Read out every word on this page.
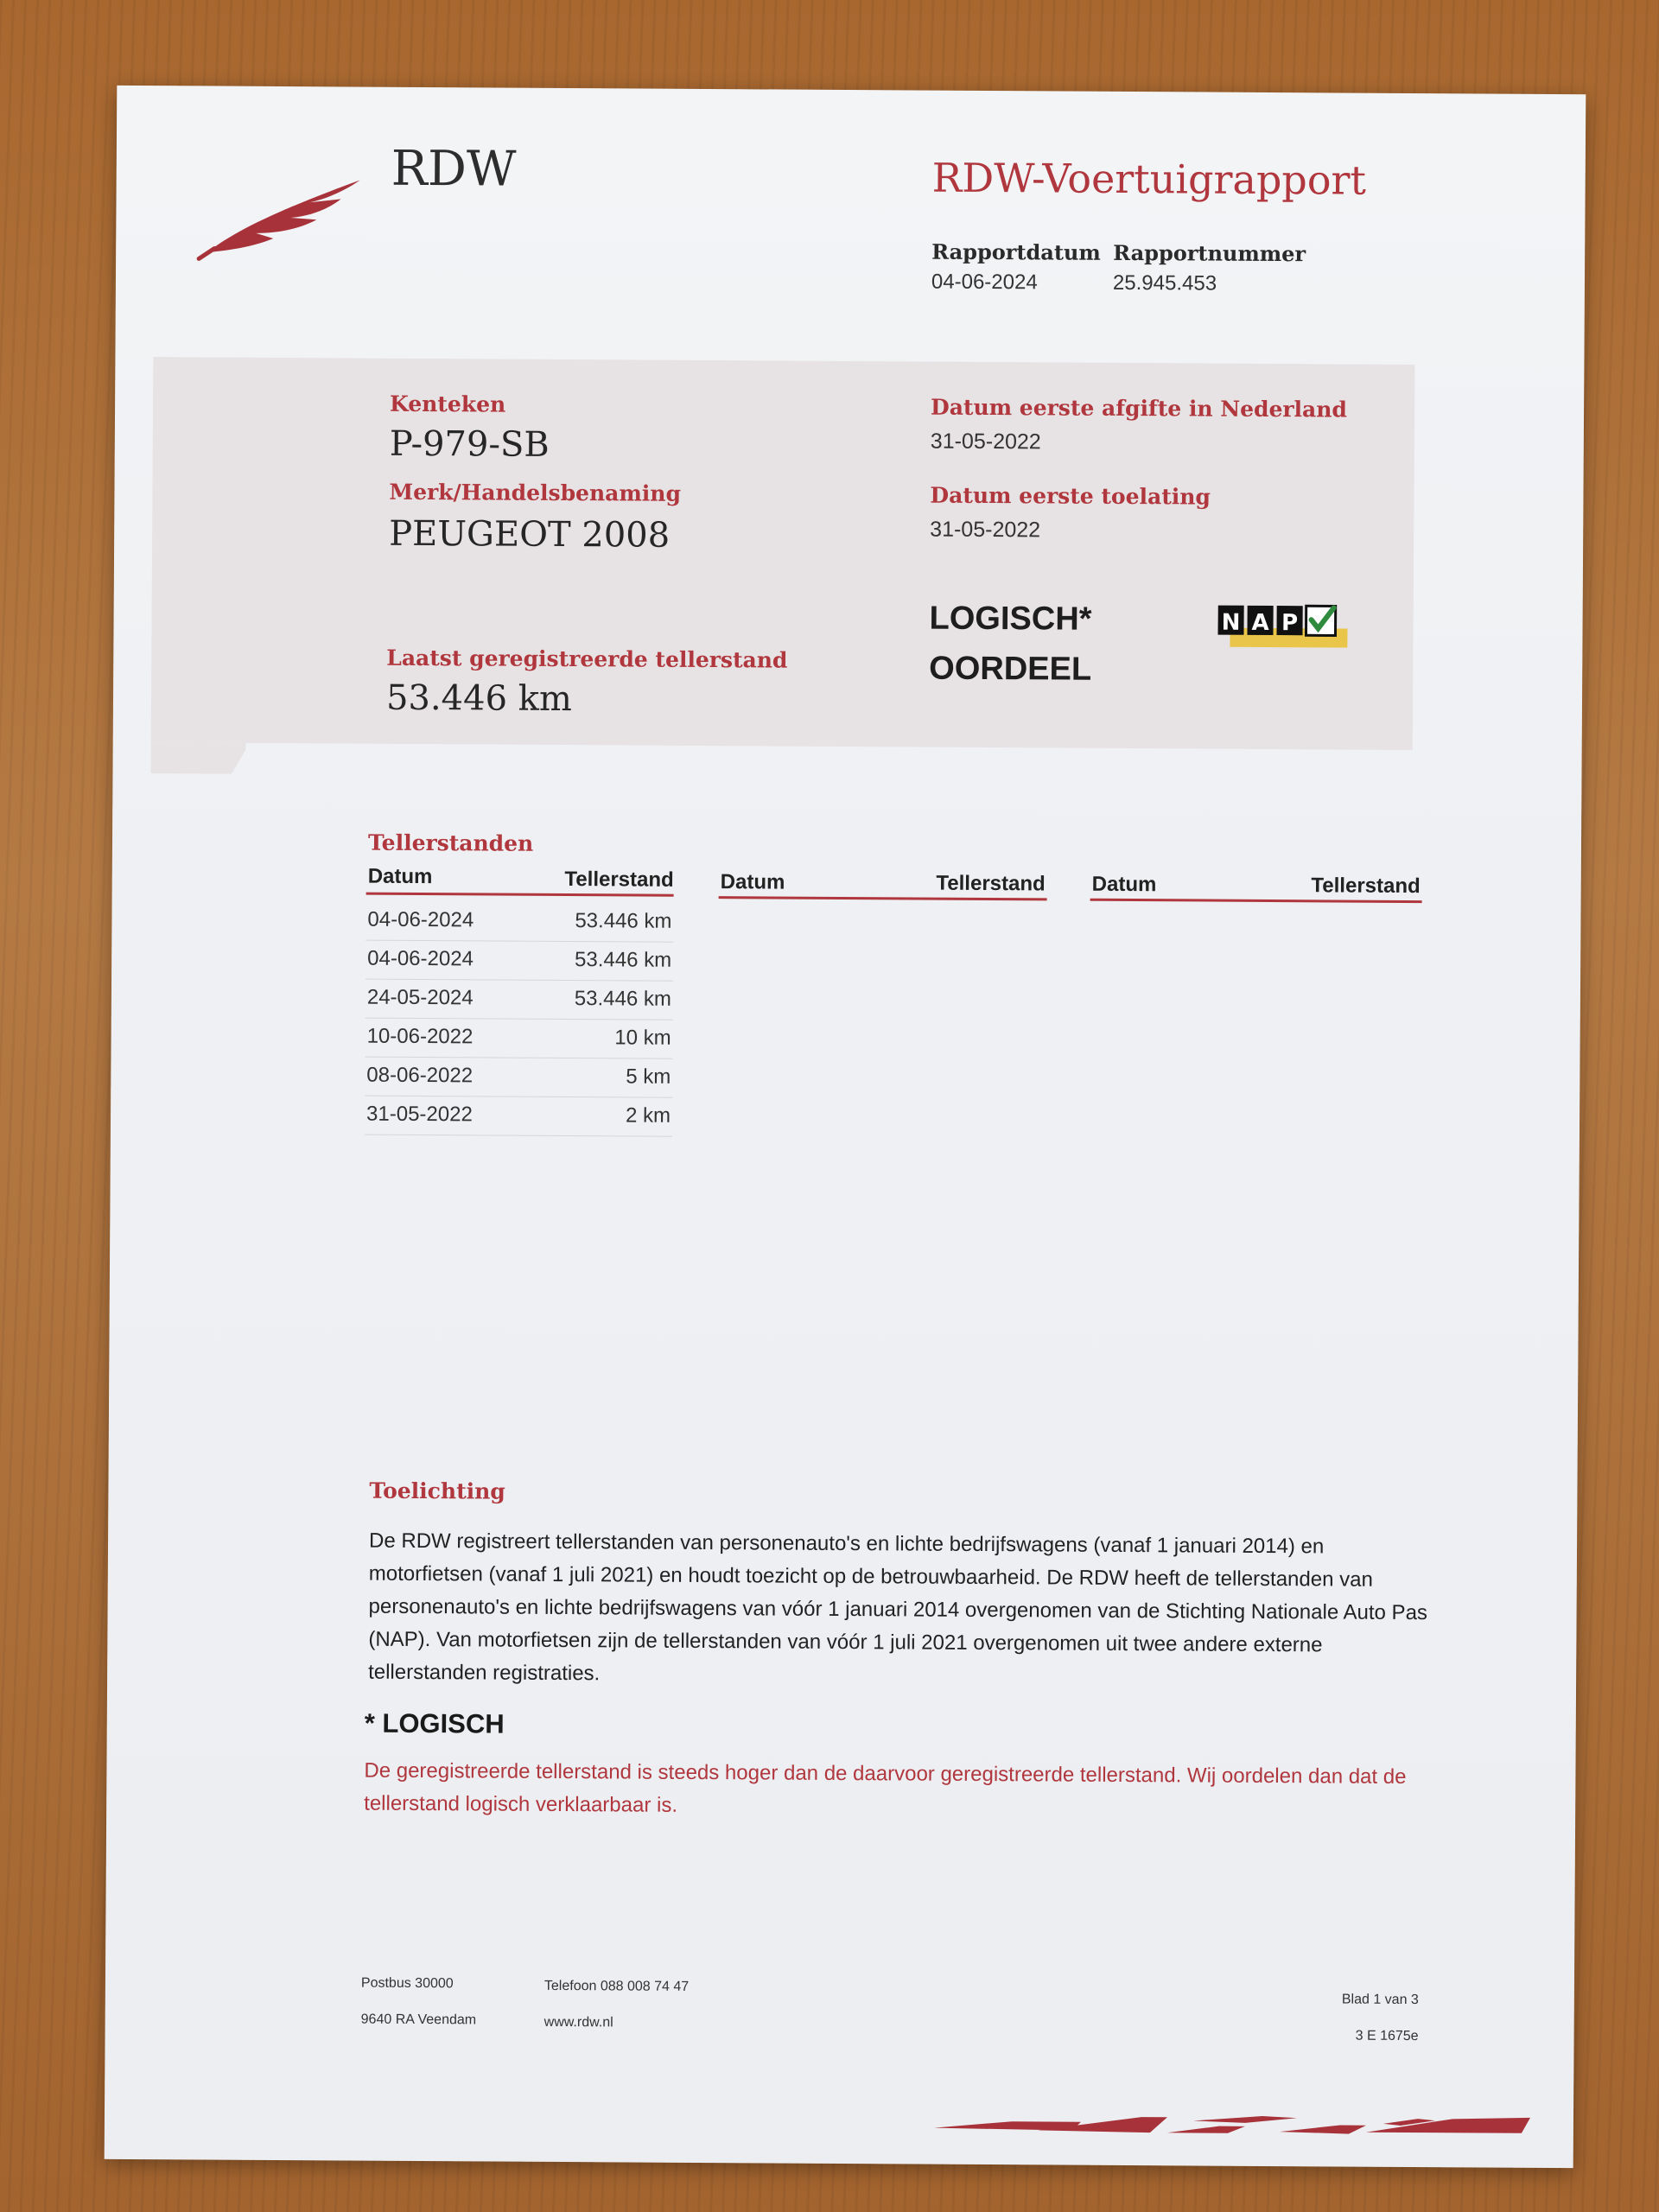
RDW	RDW-Voertuigrapport
Rapportdatum
04-06-2024
Rapportnummer
25.945.453
Kenteken
P-979-SB
Merk/Handelsbenaming
PEUGEOT 2008
Datum eerste afgifte in Nederland
31-05-2022
Datum eerste toelating
31-05-2022
Laatst geregistreerde tellerstand
53.446 km
LOGISCH*
OORDEEL
N A P
Tellerstanden
Datum	Tellerstand Datum	Tellerstand Datum	Tellerstand
04-06-2024	53.446 km
04-06-2024	53.446 km
24-05-2024	53.446 km
10-06-2022	10 km
08-06-2022	5 km
31-05-2022	2 km
Toelichting
De RDW registreert tellerstanden van personenauto's en lichte bedrijfswagens (vanaf 1 januari 2014) en motorfietsen (vanaf 1 juli 2021) en houdt toezicht op de betrouwbaarheid. De RDW heeft de tellerstanden van personenauto's en lichte bedrijfswagens van vóór 1 januari 2014 overgenomen van de Stichting Nationale Auto Pas (NAP). Van motorfietsen zijn de tellerstanden van vóór 1 juli 2021 overgenomen uit twee andere externe tellerstanden registraties.
* LOGISCH
De geregistreerde tellerstand is steeds hoger dan de daarvoor geregistreerde tellerstand. Wij oordelen dan dat de tellerstand logisch verklaarbaar is.
Postbus 30000
9640 RA Veendam
Telefoon 088 008 74 47
www.rdw.nl
Blad 1 van 3
3 E 1675e
